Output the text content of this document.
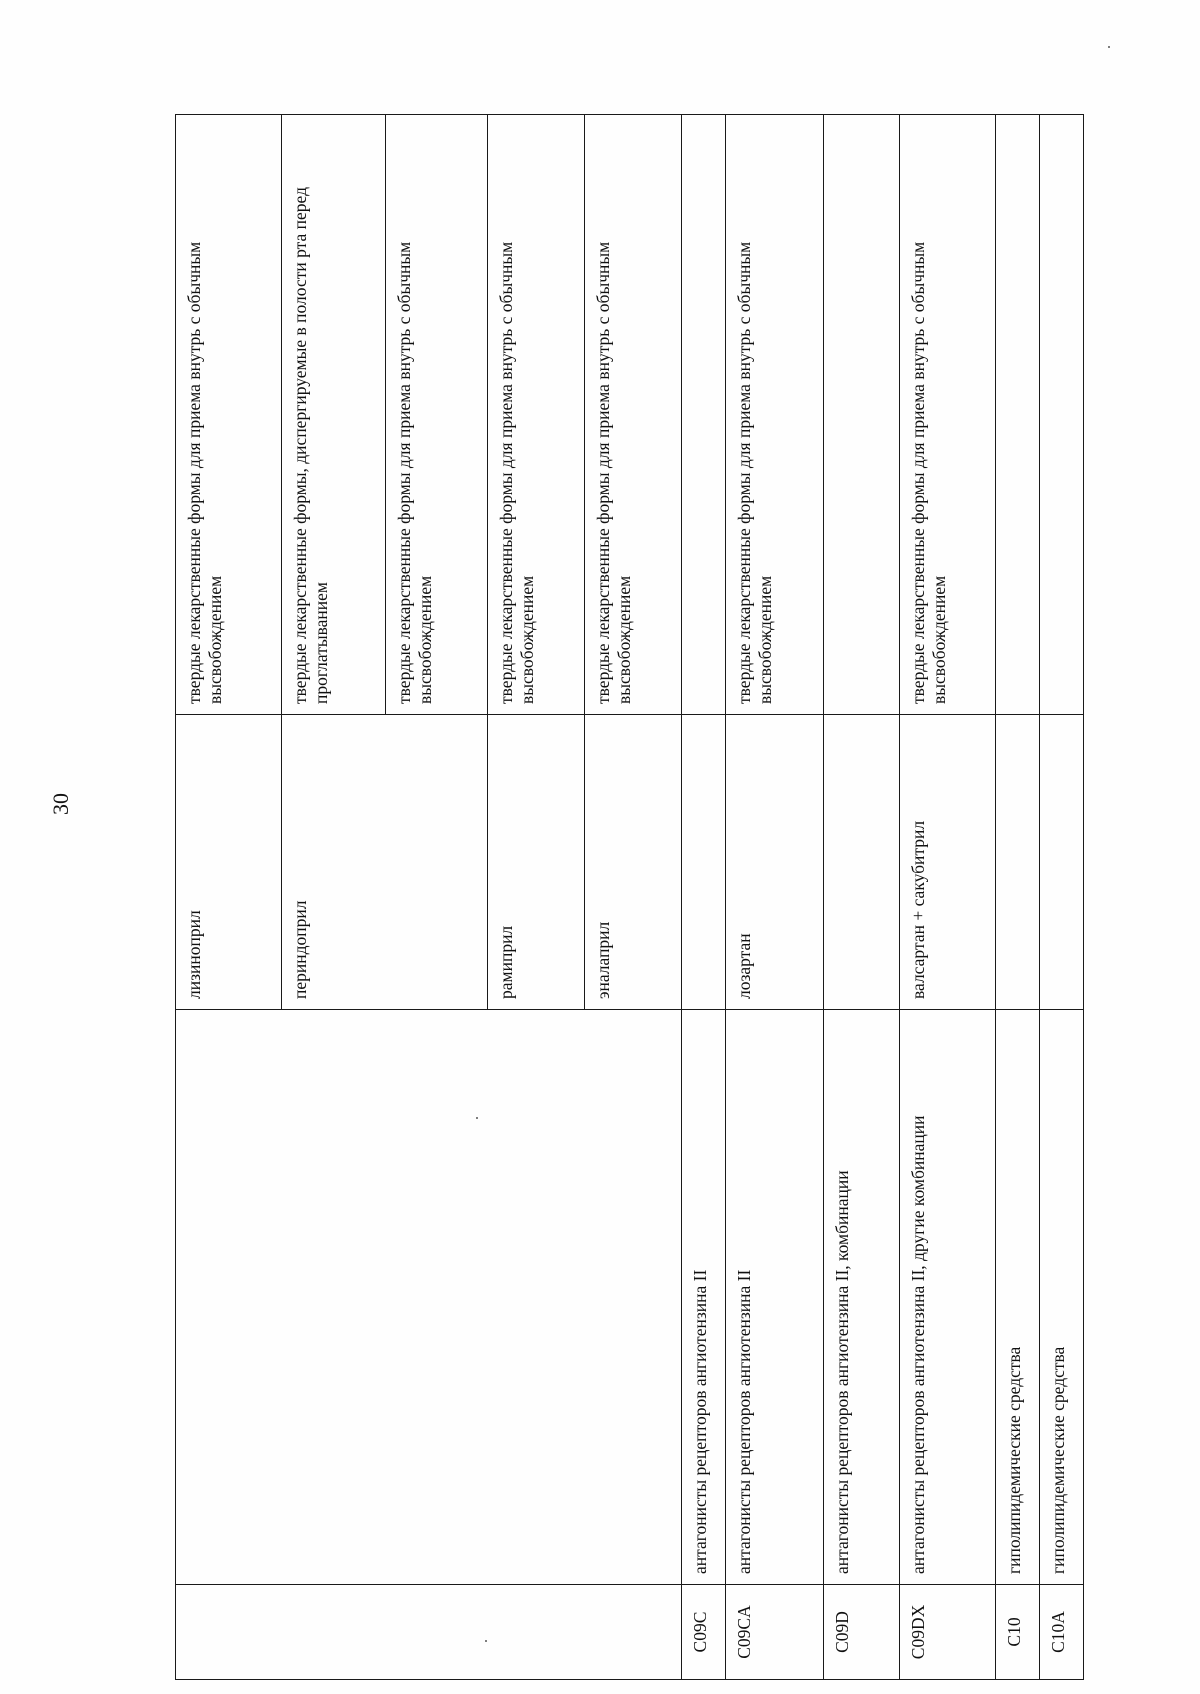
30
		лизиноприл	твердые лекарственные формы для приема внутрь с обычным высвобождением
		периндоприл	твердые лекарственные формы, диспергируемые в полости рта перед проглатыванием
			твердые лекарственные формы для приема внутрь с обычным высвобождением
		рамиприл	твердые лекарственные формы для приема внутрь с обычным высвобождением
		эналаприл	твердые лекарственные формы для приема внутрь с обычным высвобождением
C09C	антагонисты рецепторов ангиотензина II		
C09CA	антагонисты рецепторов ангиотензина II	лозартан	твердые лекарственные формы для приема внутрь с обычным высвобождением
C09D	антагонисты рецепторов ангиотензина II, комбинации		
C09DX	антагонисты рецепторов ангиотензина II, другие комбинации	валсартан + сакубитрил	твердые лекарственные формы для приема внутрь с обычным высвобождением
C10	гиполипидемические средства		
C10A	гиполипидемические средства		
